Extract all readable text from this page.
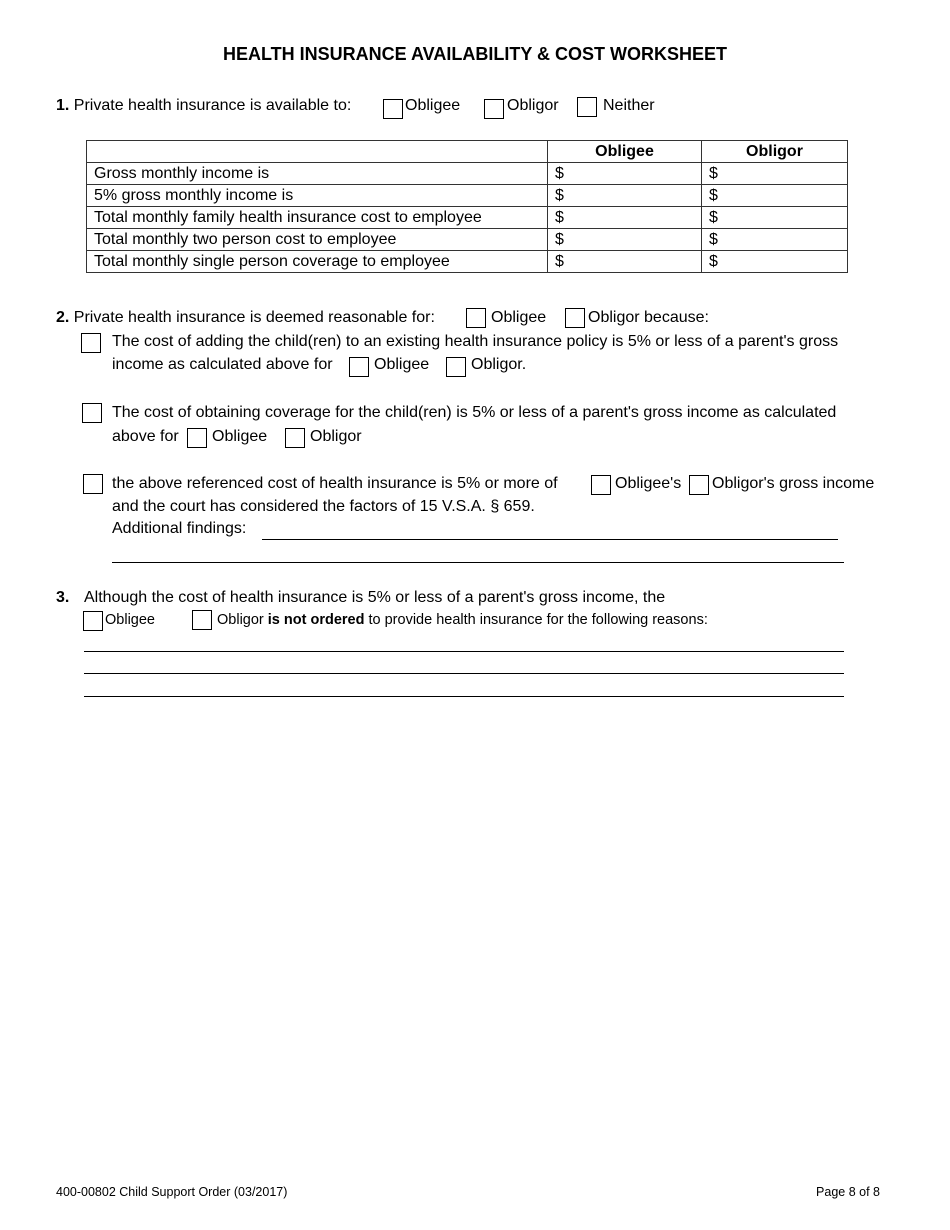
HEALTH INSURANCE AVAILABILITY & COST WORKSHEET
1. Private health insurance is available to:	Obligee	Obligor	Neither
	Obligee	Obligor
Gross monthly income is	$	$
5% gross monthly income is	$	$
Total monthly family health insurance cost to employee	$	$
Total monthly two person cost to employee	$	$
Total monthly single person coverage to employee	$	$
2. Private health insurance is deemed reasonable for:	Obligee	Obligor because:
The cost of adding the child(ren) to an existing health insurance policy is 5% or less of a parent's gross
income as calculated above for	Obligee	Obligor.
The cost of obtaining coverage for the child(ren) is 5% or less of a parent's gross income as calculated
above for Obligee	Obligor
the above referenced cost of health insurance is 5% or more of	Obligee's Obligor's gross income
and the court has considered the factors of 15 V.S.A. § 659.
Additional findings:
3. Although the cost of health insurance is 5% or less of a parent's gross income, the
Obligee	Obligor is not ordered to provide health insurance for the following reasons:
400-00802 Child Support Order (03/2017)	Page 8 of 8
